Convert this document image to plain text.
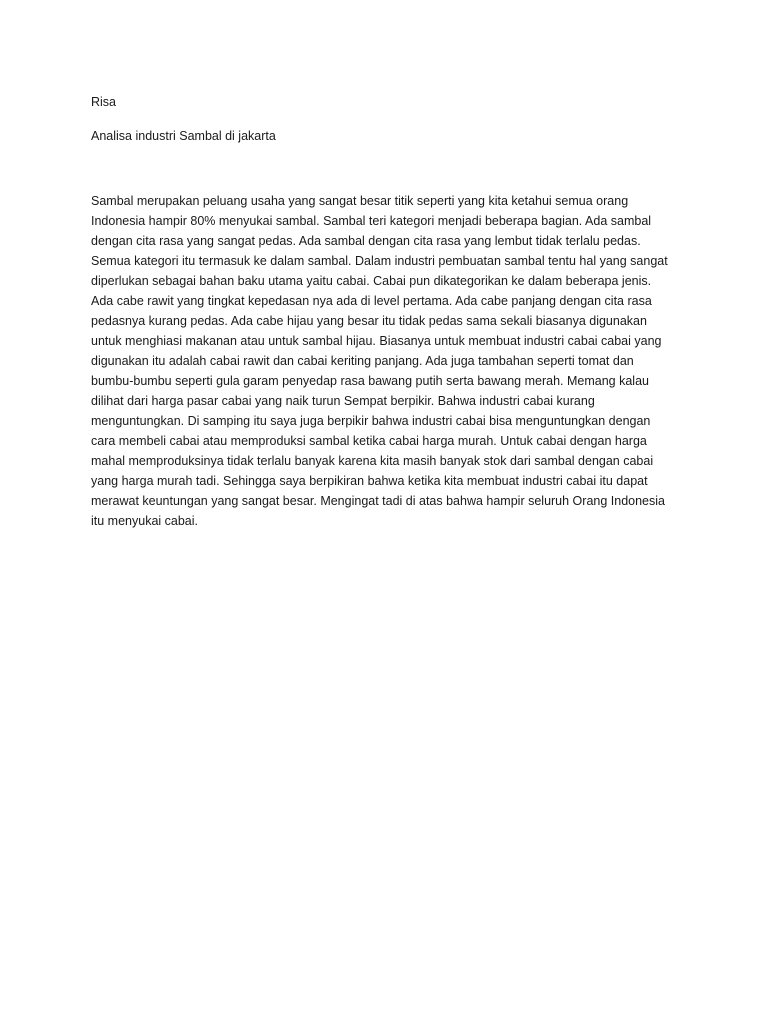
Risa

Analisa industri Sambal di jakarta

Sambal merupakan peluang usaha yang sangat besar titik seperti yang kita ketahui semua orang
Indonesia hampir 80% menyukai sambal. Sambal teri kategori menjadi beberapa bagian. Ada sambal
dengan cita rasa yang sangat pedas. Ada sambal dengan cita rasa yang lembut tidak terlalu pedas.
Semua kategori itu termasuk ke dalam sambal. Dalam industri pembuatan sambal tentu hal yang sangat
diperlukan sebagai bahan baku utama yaitu cabai. Cabai pun dikategorikan ke dalam beberapa jenis.
Ada cabe rawit yang tingkat kepedasan nya ada di level pertama. Ada cabe panjang dengan cita rasa
pedasnya kurang pedas. Ada cabe hijau yang besar itu tidak pedas sama sekali biasanya digunakan
untuk menghiasi makanan atau untuk sambal hijau. Biasanya untuk membuat industri cabai cabai yang
digunakan itu adalah cabai rawit dan cabai keriting panjang. Ada juga tambahan seperti tomat dan
bumbu-bumbu seperti gula garam penyedap rasa bawang putih serta bawang merah. Memang kalau
dilihat dari harga pasar cabai yang naik turun Sempat berpikir. Bahwa industri cabai kurang
menguntungkan. Di samping itu saya juga berpikir bahwa industri cabai bisa menguntungkan dengan
cara membeli cabai atau memproduksi sambal ketika cabai harga murah. Untuk cabai dengan harga
mahal memproduksinya tidak terlalu banyak karena kita masih banyak stok dari sambal dengan cabai
yang harga murah tadi. Sehingga saya berpikiran bahwa ketika kita membuat industri cabai itu dapat
merawat keuntungan yang sangat besar. Mengingat tadi di atas bahwa hampir seluruh Orang Indonesia
itu menyukai cabai.
